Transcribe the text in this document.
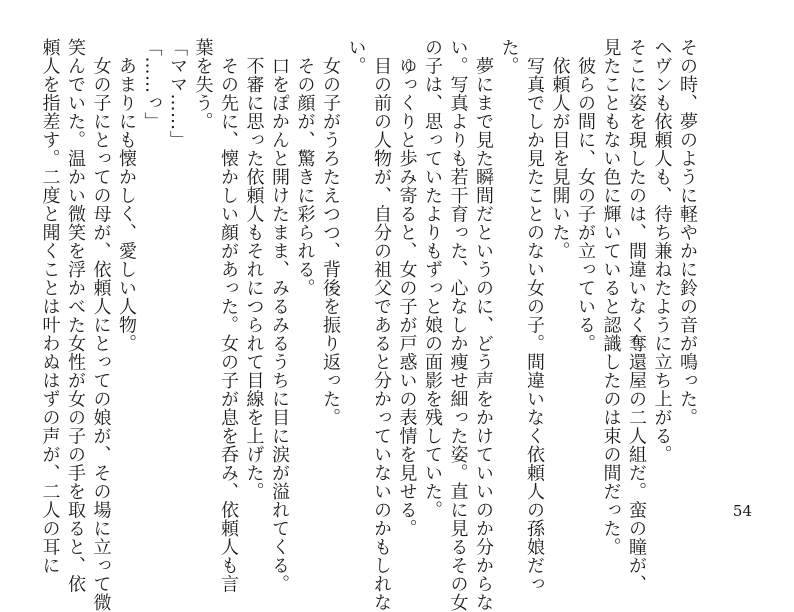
その時、夢のように軽やかに鈴の音が鳴った。
ヘヴンも依頼人も、待ち兼ねたように立ち上がる。
そこに姿を現したのは、間違いなく奪還屋の二人組だ。蛮の瞳が、
見たこともない色に輝いていると認識したのは束の間だった。
　彼らの間に、女の子が立っている。
　依頼人が目を見開いた。
　写真でしか見たことのない女の子。間違いなく依頼人の孫娘だっ
た。
　夢にまで見た瞬間だというのに、どう声をかけていいのか分からな
い。写真よりも若干育った、心なしか痩せ細った姿。直に見るその女
の子は、思っていたよりもずっと娘の面影を残していた。
　ゆっくりと歩み寄ると、女の子が戸惑いの表情を見せる。
　目の前の人物が、自分の祖父であると分かっていないのかもしれな
い。
　女の子がうろたえつつ、背後を振り返った。
　その顔が、驚きに彩られる。
　口をぽかんと開けたまま、みるみるうちに目に涙が溢れてくる。
　不審に思った依頼人もそれにつられて目線を上げた。
　その先に、懐かしい顔があった。女の子が息を呑み、依頼人も言
葉を失う。
「ママ……」
「……っ」
　あまりにも懐かしく、愛しい人物。
　女の子にとっての母が、依頼人にとっての娘が、その場に立って微
笑んでいた。温かい微笑を浮かべた女性が女の子の手を取ると、依
頼人を指差す。二度と聞くことは叶わぬはずの声が、二人の耳に	54
